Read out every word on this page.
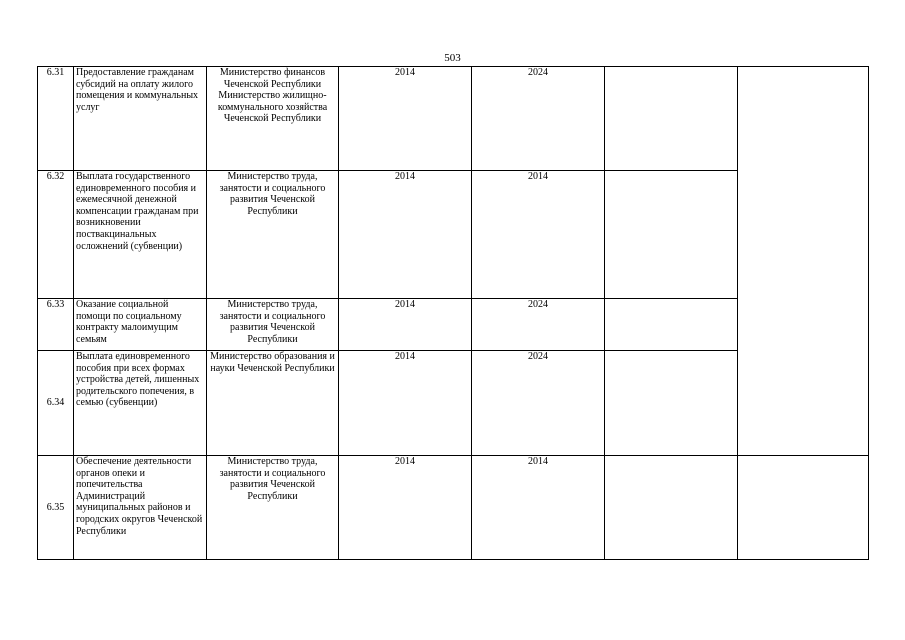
503
6.31	Предоставление гражданам субсидий на оплату жилого помещения и коммунальных услуг	Министерство финансов Чеченской Республики Министерство жилищно-коммунального хозяйства Чеченской Республики	2014	2024		
6.32	Выплата государственного единовременного пособия и ежемесячной денежной компенсации гражданам при возникновении поствакцинальных осложнений (субвенции)	Министерство труда, занятости и социального развития Чеченской Республики	2014	2014		
6.33	Оказание социальной помощи по социальному контракту малоимущим семьям	Министерство труда, занятости и социального развития Чеченской Республики	2014	2024		
6.34	Выплата единовременного пособия при всех формах устройства детей, лишенных родительского попечения, в семью (субвенции)	Министерство образования и науки Чеченской Республики	2014	2024		
6.35	Обеспечение деятельности органов опеки и попечительства Администраций муниципальных районов и городских округов Чеченской Республики	Министерство труда, занятости и социального развития Чеченской Республики	2014	2014		
